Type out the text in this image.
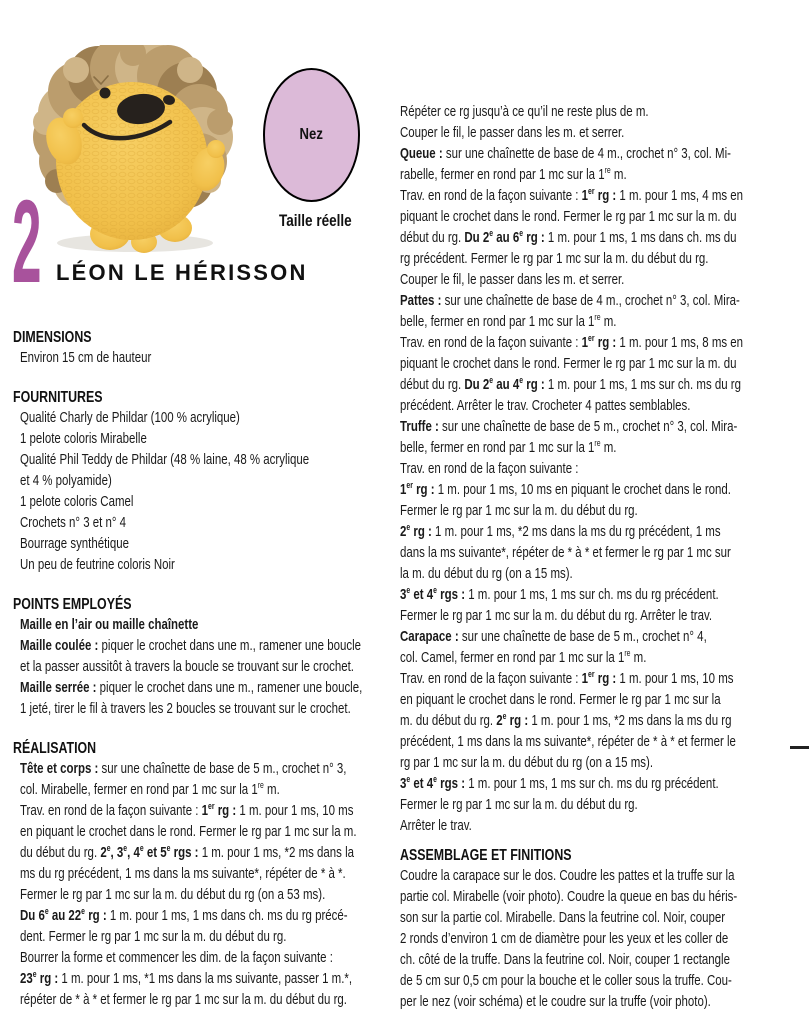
2 LÉON LE HÉRISSON
Nez
Taille réelle
DIMENSIONS
Environ 15 cm de hauteur
FOURNITURES
Qualité Charly de Phildar (100 % acrylique)
1 pelote coloris Mirabelle
Qualité Phil Teddy de Phildar (48 % laine, 48 % acrylique
et 4 % polyamide)
1 pelote coloris Camel
Crochets n° 3 et n° 4
Bourrage synthétique
Un peu de feutrine coloris Noir
POINTS EMPLOYÉS
Maille en l’air ou maille chaînette
Maille coulée : piquer le crochet dans une m., ramener une boucle
et la passer aussitôt à travers la boucle se trouvant sur le crochet.
Maille serrée : piquer le crochet dans une m., ramener une boucle,
1 jeté, tirer le fil à travers les 2 boucles se trouvant sur le crochet.
RÉALISATION
Tête et corps : sur une chaînette de base de 5 m., crochet n° 3,
col. Mirabelle, fermer en rond par 1 mc sur la 1re m.
Trav. en rond de la façon suivante : 1er rg : 1 m. pour 1 ms, 10 ms
en piquant le crochet dans le rond. Fermer le rg par 1 mc sur la m.
du début du rg. 2e, 3e, 4e et 5e rgs : 1 m. pour 1 ms, *2 ms dans la
ms du rg précédent, 1 ms dans la ms suivante*, répéter de * à *.
Fermer le rg par 1 mc sur la m. du début du rg (on a 53 ms).
Du 6e au 22e rg : 1 m. pour 1 ms, 1 ms dans ch. ms du rg précé-
dent. Fermer le rg par 1 mc sur la m. du début du rg.
Bourrer la forme et commencer les dim. de la façon suivante :
23e rg : 1 m. pour 1 ms, *1 ms dans la ms suivante, passer 1 m.*,
répéter de * à * et fermer le rg par 1 mc sur la m. du début du rg.
Répéter ce rg jusqu’à ce qu’il ne reste plus de m.
Couper le fil, le passer dans les m. et serrer.
Queue : sur une chaînette de base de 4 m., crochet n° 3, col. Mi-
rabelle, fermer en rond par 1 mc sur la 1re m.
Trav. en rond de la façon suivante : 1er rg : 1 m. pour 1 ms, 4 ms en
piquant le crochet dans le rond. Fermer le rg par 1 mc sur la m. du
début du rg. Du 2e au 6e rg : 1 m. pour 1 ms, 1 ms dans ch. ms du
rg précédent. Fermer le rg par 1 mc sur la m. du début du rg.
Couper le fil, le passer dans les m. et serrer.
Pattes : sur une chaînette de base de 4 m., crochet n° 3, col. Mira-
belle, fermer en rond par 1 mc sur la 1re m.
Trav. en rond de la façon suivante : 1er rg : 1 m. pour 1 ms, 8 ms en
piquant le crochet dans le rond. Fermer le rg par 1 mc sur la m. du
début du rg. Du 2e au 4e rg : 1 m. pour 1 ms, 1 ms sur ch. ms du rg
précédent. Arrêter le trav. Crocheter 4 pattes semblables.
Truffe : sur une chaînette de base de 5 m., crochet n° 3, col. Mira-
belle, fermer en rond par 1 mc sur la 1re m.
Trav. en rond de la façon suivante :
1er rg : 1 m. pour 1 ms, 10 ms en piquant le crochet dans le rond.
Fermer le rg par 1 mc sur la m. du début du rg.
2e rg : 1 m. pour 1 ms, *2 ms dans la ms du rg précédent, 1 ms
dans la ms suivante*, répéter de * à * et fermer le rg par 1 mc sur
la m. du début du rg (on a 15 ms).
3e et 4e rgs : 1 m. pour 1 ms, 1 ms sur ch. ms du rg précédent.
Fermer le rg par 1 mc sur la m. du début du rg. Arrêter le trav.
Carapace : sur une chaînette de base de 5 m., crochet n° 4,
col. Camel, fermer en rond par 1 mc sur la 1re m.
Trav. en rond de la façon suivante : 1er rg : 1 m. pour 1 ms, 10 ms
en piquant le crochet dans le rond. Fermer le rg par 1 mc sur la
m. du début du rg. 2e rg : 1 m. pour 1 ms, *2 ms dans la ms du rg
précédent, 1 ms dans la ms suivante*, répéter de * à * et fermer le
rg par 1 mc sur la m. du début du rg (on a 15 ms).
3e et 4e rgs : 1 m. pour 1 ms, 1 ms sur ch. ms du rg précédent.
Fermer le rg par 1 mc sur la m. du début du rg.
Arrêter le trav.
ASSEMBLAGE ET FINITIONS
Coudre la carapace sur le dos. Coudre les pattes et la truffe sur la
partie col. Mirabelle (voir photo). Coudre la queue en bas du héris-
son sur la partie col. Mirabelle. Dans la feutrine col. Noir, couper
2 ronds d’environ 1 cm de diamètre pour les yeux et les coller de
ch. côté de la truffe. Dans la feutrine col. Noir, couper 1 rectangle
de 5 cm sur 0,5 cm pour la bouche et le coller sous la truffe. Cou-
per le nez (voir schéma) et le coudre sur la truffe (voir photo).
